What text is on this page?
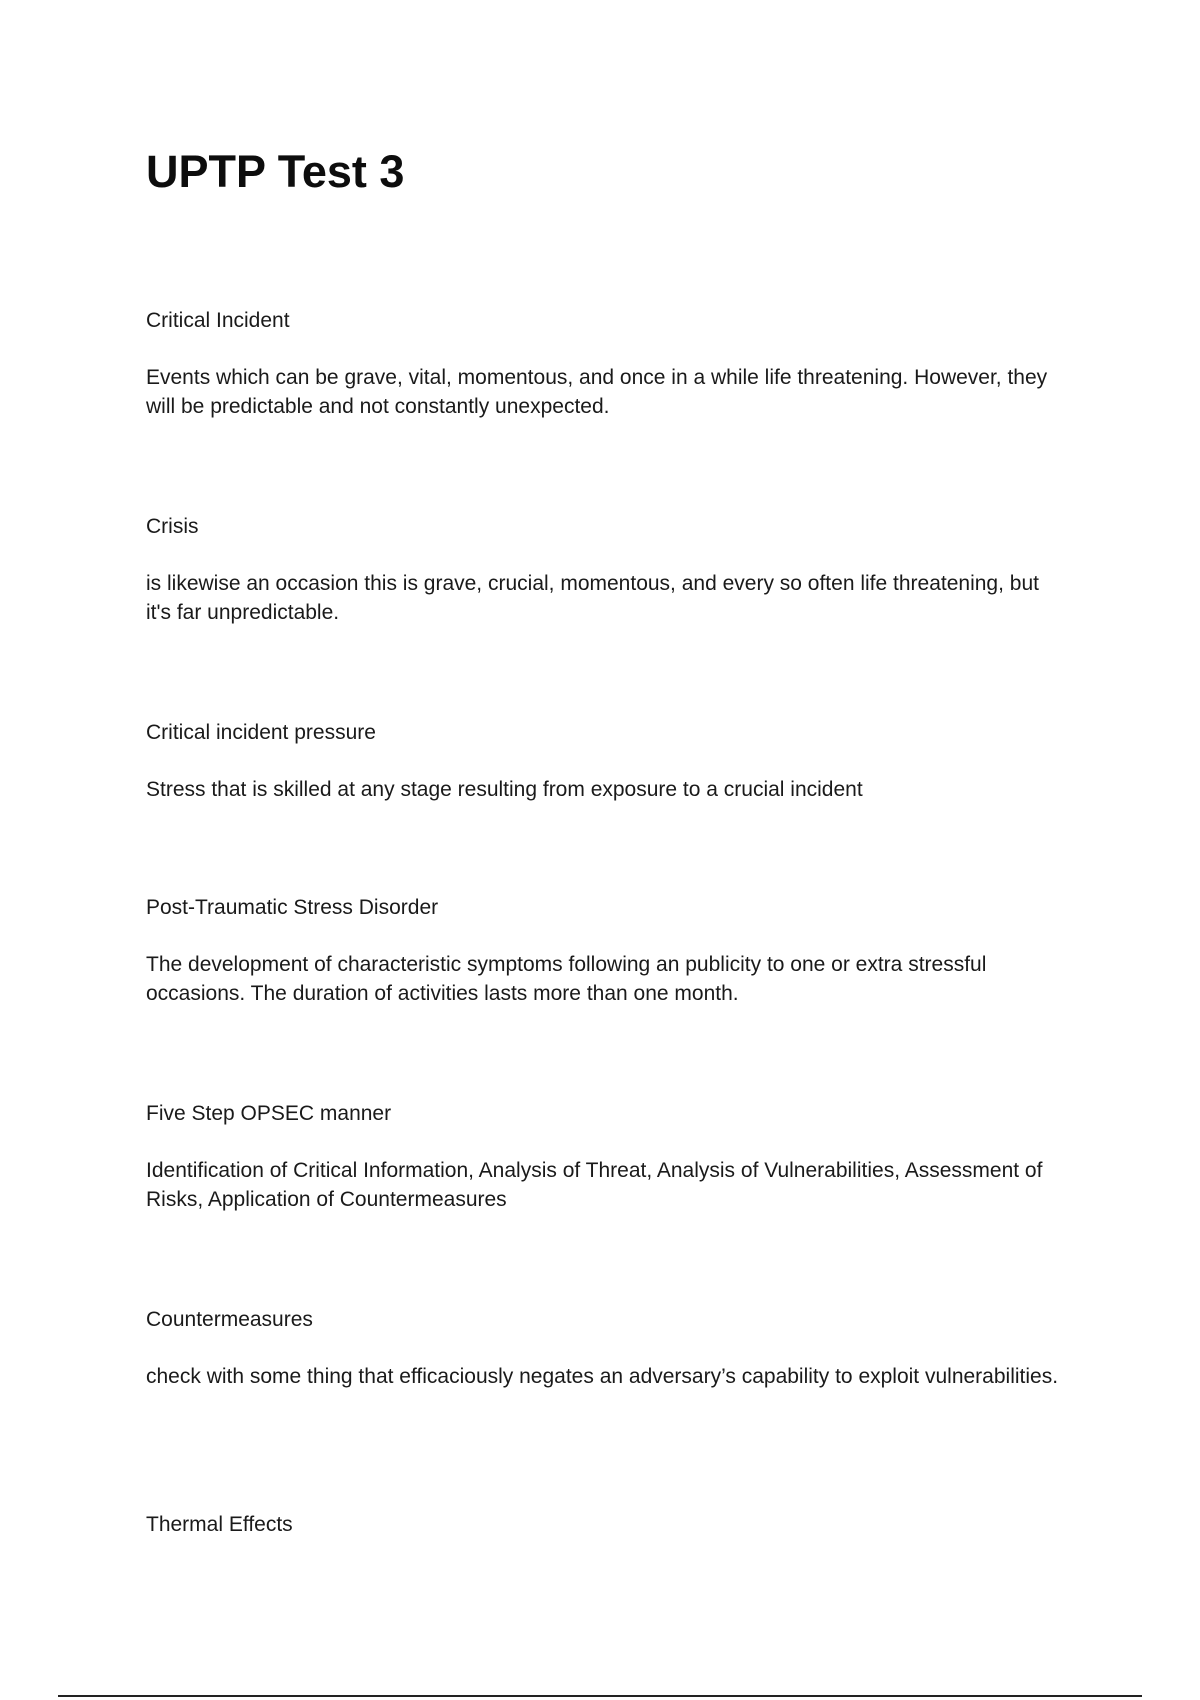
UPTP Test 3

Critical Incident

Events which can be grave, vital, momentous, and once in a while life threatening. However, they will be predictable and not constantly unexpected.

Crisis

is likewise an occasion this is grave, crucial, momentous, and every so often life threatening, but it's far unpredictable.

Critical incident pressure

Stress that is skilled at any stage resulting from exposure to a crucial incident

Post-Traumatic Stress Disorder

The development of characteristic symptoms following an publicity to one or extra stressful occasions. The duration of activities lasts more than one month.

Five Step OPSEC manner

Identification of Critical Information, Analysis of Threat, Analysis of Vulnerabilities, Assessment of Risks, Application of Countermeasures

Countermeasures

check with some thing that efficaciously negates an adversary’s capability to exploit vulnerabilities.

Thermal Effects
